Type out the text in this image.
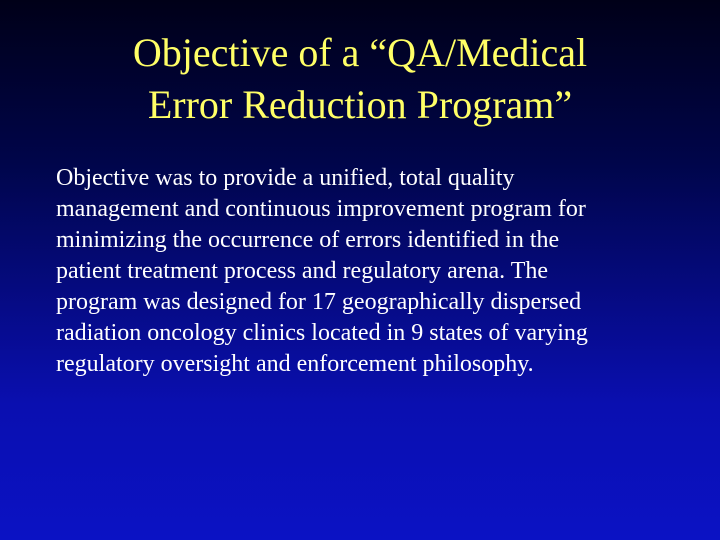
Objective of a “QA/Medical
Error Reduction Program”
Objective was to provide a unified, total quality
management and continuous improvement program for
minimizing the occurrence of errors identified in the
patient treatment process and regulatory arena. The
program was designed for 17 geographically dispersed
radiation oncology clinics located in 9 states of varying
regulatory oversight and enforcement philosophy.
